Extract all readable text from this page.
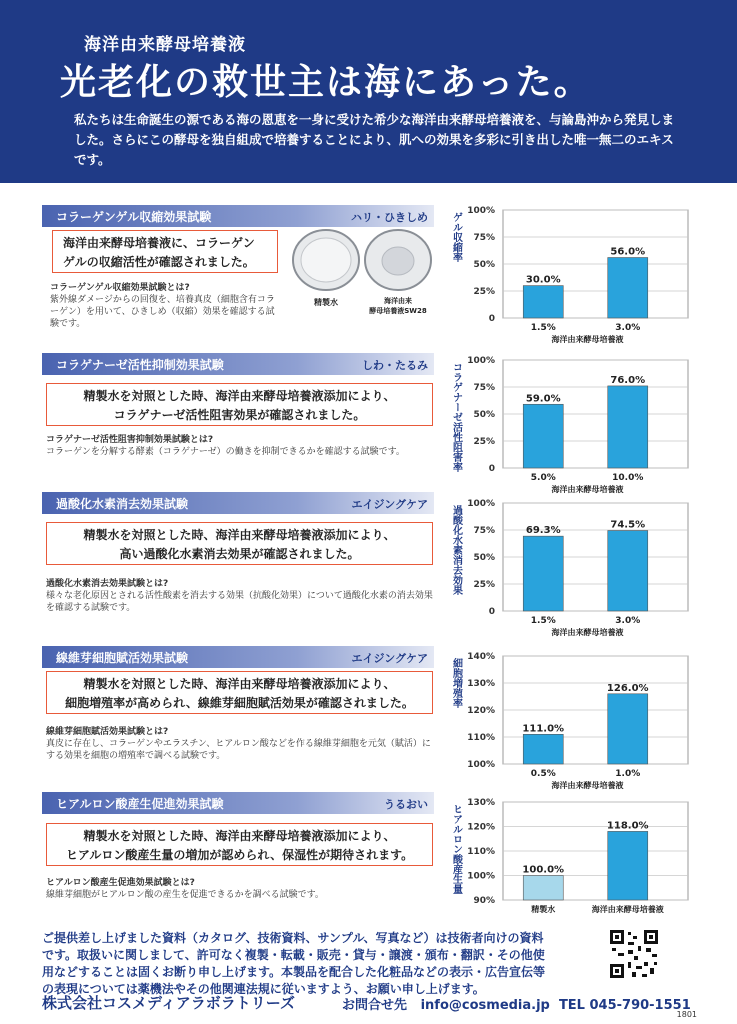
海洋由来酵母培養液
光老化の救世主は海にあった。
私たちは生命誕生の源である海の恩恵を一身に受けた希少な海洋由来酵母培養液を、与論島沖から発見しました。さらにこの酵母を独自組成で培養することにより、肌への効果を多彩に引き出した唯一無二のエキスです。
コラーゲンゲル収縮効果試験	ハリ・ひきしめ
海洋由来酵母培養液に、コラーゲン
ゲルの収縮活性が確認されました。
コラーゲンゲル収縮効果試験とは?
紫外線ダメージからの回復を、培養真皮（細胞含有コラーゲン）を用いて、ひきしめ（収縮）効果を確認する試験です。
精製水	海洋由来
酵母培養液SW28
コラゲナーゼ活性抑制効果試験	しわ・たるみ
精製水を対照とした時、海洋由来酵母培養液添加により、
コラゲナーゼ活性阻害効果が確認されました。
コラゲナーゼ活性阻害抑制効果試験とは?
コラーゲンを分解する酵素（コラゲナーゼ）の働きを抑制できるかを確認する試験です。
過酸化水素消去効果試験	エイジングケア
精製水を対照とした時、海洋由来酵母培養液添加により、
高い過酸化水素消去効果が確認されました。
過酸化水素消去効果試験とは?
様々な老化原因とされる活性酸素を消去する効果（抗酸化効果）について過酸化水素の消去効果を確認する試験です。
線維芽細胞賦活効果試験	エイジングケア
精製水を対照とした時、海洋由来酵母培養液添加により、
細胞増殖率が高められ、線維芽細胞賦活効果が確認されました。
線維芽細胞賦活効果試験とは?
真皮に存在し、コラーゲンやエラスチン、ヒアルロン酸などを作る線維芽細胞を元気（賦活）にする効果を細胞の増殖率で調べる試験です。
ヒアルロン酸産生促進効果試験	うるおい
精製水を対照とした時、海洋由来酵母培養液添加により、
ヒアルロン酸産生量の増加が認められ、保湿性が期待されます。
ヒアルロン酸産生促進効果試験とは?
線維芽細胞がヒアルロン酸の産生を促進できるかを調べる試験です。
0
25%
50%
75%
100%
ゲル収縮率
30.0%
1.5%
56.0%
3.0%
海洋由来酵母培養液
0
25%
50%
75%
100%
コラゲナーゼ活性阻害率	59.0%
5.0%
76.0%
10.0%
海洋由来酵母培養液
0
25%
50%
75%
100%
過酸化水素消去効果	69.3%
1.5%
74.5%
3.0%
海洋由来酵母培養液
100%
110%
120%
130%
140%
細胞増殖率
111.0%
0.5%
126.0%
1.0%
海洋由来酵母培養液
90%
100%
110%
120%
130%
ヒアルロン酸産生量	100.0%
精製水
118.0%
海洋由来酵母培養液
ご提供差し上げました資料（カタログ、技術資料、サンプル、写真など）は技術者向けの資料です。取扱いに関しまして、許可なく複製・転載・販売・貸与・譲渡・頒布・翻訳・その他使用などすることは固くお断り申し上げます。本製品を配合した化粧品などの表示・広告宣伝等の表現については薬機法やその他関連法規に従いますよう、お願い申し上げます。
株式会社コスメディアラボラトリーズ	お問合せ先 info@cosmedia.jp TEL 045-790-1551
1801
